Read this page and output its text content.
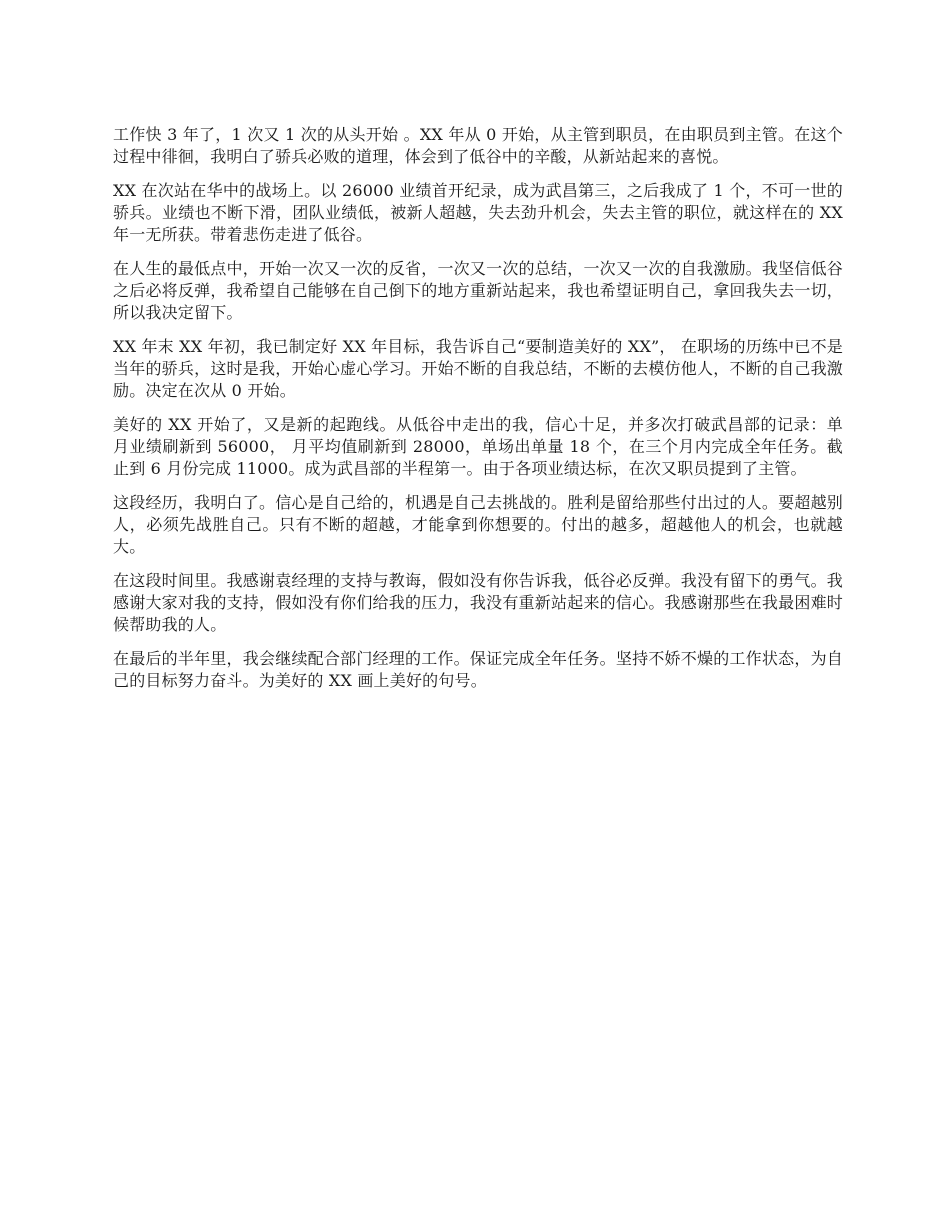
工作快 3 年了，1 次又 1 次的从头开始 。XX 年从 0 开始，从主管到职员，在由职员到主管。在这个过程中徘徊，我明白了骄兵必败的道理，体会到了低谷中的辛酸，从新站起来的喜悦。

XX 在次站在华中的战场上。以 26000 业绩首开纪录，成为武昌第三，之后我成了 1 个，不可一世的骄兵。业绩也不断下滑，团队业绩低，被新人超越，失去劲升机会，失去主管的职位，就这样在的 XX 年一无所获。带着悲伤走进了低谷。

在人生的最低点中，开始一次又一次的反省，一次又一次的总结，一次又一次的自我激励。我坚信低谷之后必将反弹，我希望自己能够在自己倒下的地方重新站起来，我也希望证明自己，拿回我失去一切，所以我决定留下。

XX 年末 XX 年初，我已制定好 XX 年目标，我告诉自己“要制造美好的 XX”， 在职场的历练中已不是当年的骄兵，这时是我，开始心虚心学习。开始不断的自我总结，不断的去模仿他人，不断的自己我激励。决定在次从 0 开始。

美好的 XX 开始了，又是新的起跑线。从低谷中走出的我，信心十足，并多次打破武昌部的记录：单月业绩刷新到 56000， 月平均值刷新到 28000，单场出单量 18 个，在三个月内完成全年任务。截止到 6 月份完成 11000。成为武昌部的半程第一。由于各项业绩达标，在次又职员提到了主管。

这段经历，我明白了。信心是自己给的，机遇是自己去挑战的。胜利是留给那些付出过的人。要超越别人，必须先战胜自己。只有不断的超越，才能拿到你想要的。付出的越多，超越他人的机会，也就越大。

在这段时间里。我感谢袁经理的支持与教诲，假如没有你告诉我，低谷必反弹。我没有留下的勇气。我感谢大家对我的支持，假如没有你们给我的压力，我没有重新站起来的信心。我感谢那些在我最困难时候帮助我的人。

在最后的半年里，我会继续配合部门经理的工作。保证完成全年任务。坚持不娇不燥的工作状态，为自己的目标努力奋斗。为美好的 XX 画上美好的句号。
